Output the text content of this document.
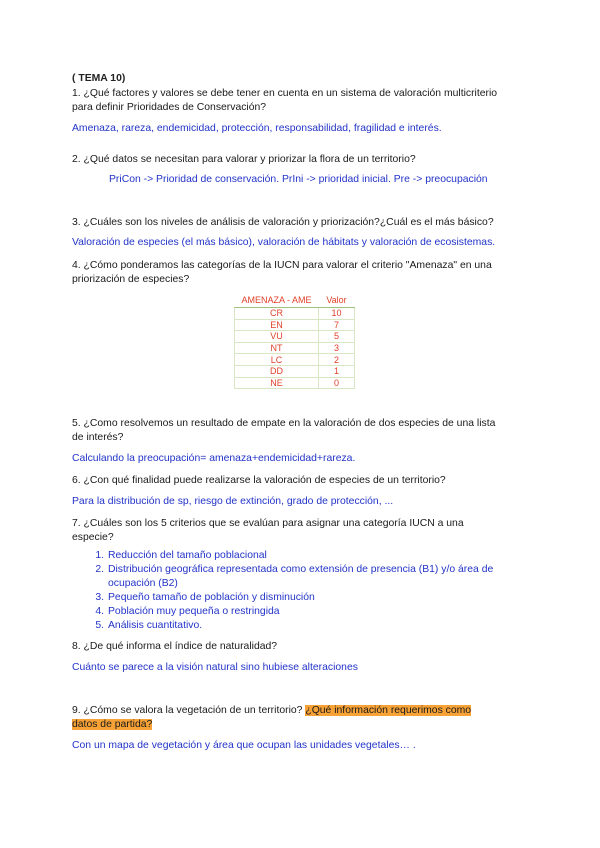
( TEMA 10)
1. ¿Qué factores y valores se debe tener en cuenta en un sistema de valoración multicriterio
para definir Prioridades de Conservación?
Amenaza, rareza, endemicidad, protección, responsabilidad, fragilidad e interés.
2. ¿Qué datos se necesitan para valorar y priorizar la flora de un territorio?
PriCon -> Prioridad de conservación. PrIni -> prioridad inicial. Pre -> preocupación
3. ¿Cuáles son los niveles de análisis de valoración y priorización?¿Cuál es el más básico?
Valoración de especies (el más básico), valoración de hábitats y valoración de ecosistemas.
4. ¿Cómo ponderamos las categorías de la IUCN para valorar el criterio "Amenaza" en una
priorización de especies?
AMENAZA - AME	Valor
CR	10
EN	7
VU	5
NT	3
LC	2
DD	1
NE	0
5. ¿Como resolvemos un resultado de empate en la valoración de dos especies de una lista
de interés?
Calculando la preocupación= amenaza+endemicidad+rareza.
6. ¿Con qué finalidad puede realizarse la valoración de especies de un territorio?
Para la distribución de sp, riesgo de extinción, grado de protección, ...
7. ¿Cuáles son los 5 criterios que se evalúan para asignar una categoría IUCN a una
especie?
1. Reducción del tamaño poblacional
2. Distribución geográfica representada como extensión de presencia (B1) y/o área de
ocupación (B2)
3. Pequeño tamaño de población y disminución
4. Población muy pequeña o restringida
5. Análisis cuantitativo.
8. ¿De qué informa el índice de naturalidad?
Cuánto se parece a la visión natural sino hubiese alteraciones
9. ¿Cómo se valora la vegetación de un territorio? ¿Qué información requerimos como
datos de partida?
Con un mapa de vegetación y área que ocupan las unidades vegetales… .
